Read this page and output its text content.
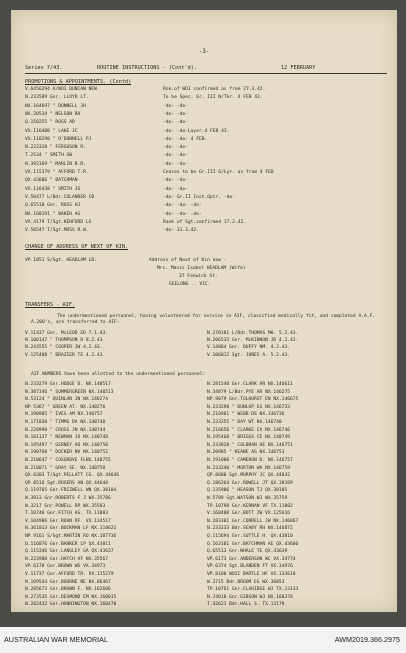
-3-
Series 7/43.	ROUTINE INSTRUCTIONS - (Cont'd).	12 FEBRUARY
PROMOTIONS & APPOINTMENTS. (Contd)
V.6456294 A/WOI DUNCAN NEW	Rnk.of WOI confirmed as from 27.3.42.
N.233589 Gnr. LLOYD LT.	To be Spec. Gr. III N/Tkr. 4 FEB 43.
NX.164697 " DONNELL JH	-do- -do-
NX.20534 " NELSON RA	-do- -do-
Q.150255 " ROSS AD	-do- -do-
VX.116408 " LAKE JC	-do- -do-Layer.4 FEB 43.
VX.118290 " O'DONNELL PJ	-do- -do- 4 FEB.
N.222328 " FERGUSON R.	-do- -do-
T.2534 " SMITH GW	-do- -do-
N.392169 " MARLIN B.D.	-do- -do-
VX.115379 " AFFORD T.R.	Ceases to be Gr.III G/Lyr. as from 4 FEB
QX.43606 " BATCHMAN	-do- -do-
VX.116438 " SMITH JG	-do- -do-
V.50477 L/Bdr.COLANDER CB	-do- Gr.II Inst.Optr. -do-
Q.65518 Gnr. ROSS HJ	-do- -do- -do-
NX.160191 " BAKER AG	-do- -do- -do-
VX.4179 T/Sgt.KERFORD LG	Rank of Sgt.confirmed 17.2.42.
V.50547 T/Sgt.MOSS R.W.	-do- 31.3.42.
CHANGE OF ADDRESS OF NEXT OF KIN.
VP.1851 S/Sgt. HEADLAM LR.	Address of Next of Kin now -
Mrs. Mavis Isabel HEADLAM (Wife)
37 Fenwick St.
GEELONG .. VIC.
TRANSFERS - AIF.

The undermentioned personnel, having volunteered for service in AIF, classified medically fit, and completed A.A.F. A.200's, are transferred to AIF:

V.11437 Gnr. McLEOD ED 7.1.43.	N.270101 L/Bdr.THOMAS MH. 5.2.43.
N.100147 " THOMPSON R 8.2.43.	N.206533 Gnr. McKINNON JD 4.2.43.
N.243555 " COOPER JW 4.2.43.	V.14064 Gnr. DUFFY NM. 4.2.43.
V.125408 " BRAZIER TE 4.2.43.	V.106012 Sgt. JONES A. 5.2.43.
AIF NUMBERS have been allotted to the undermentioned personnel:
N.233279 Gnr.HODGE D. NX.140517	N.281540 Gnr.CLARK AR NX.146611
N.387346 " SUMMERGREEN NX.140513	N.34879 L/Bdr.PYE AR NX.146275
N.53124 " QUINLAN JN NX.140274	NP.9079 Gnr.TOLHURST EN NX.146675
NP.5367 " GREEN AT. NX.140276	N.233298 " DUNLOP EG NX.146733
N.190905 " IVES AM NX.140757	N.210981 " WEBB DS NX.146736
N.171030 " TIMMS DA NX.140740	N.233255 " DAY WT NX.146740
N.228990 " CROSS JN NX.140744	N.210656 " CLARKE CA NX.146746
N.101137 " NEWMAN JO NX.140748	N.195468 " BRIGGS CE NX.140749
N.195497 " GERNEY AO NX.140750	N.233020 " COLBRAN HE NX.146751
N.190768 " DOCKER NV NX.140752	N.20985 " KEANE AG NX.146753
N.210647 " COSGROVE FLNX.140755	N.191000 " CAMERON D. NX.146757
N.210871 " GRAY SE. NX.140758	N.233240 " MORTON WA NX.146759
QX.8303 T/Sgt.PELLATT CG. QX.44646	QP.8680 Sgt.MURPHY JC QX.44642
QP.8516 Sgt.ROGERS AN QX.44648	Q.186364 Gnr.ROWELL JT QX.38109
Q.119765 Gnr.FRIZWELL WN QX.38104	Q.135906 " HEASON TJ QX.38105
W.3813 Gnr.ROBERTS F J WX.35786	W.5709 Sgt.WATSON WJ WX.35759
W.3217 Gnr.POWELL RP WX.35583	TP.10798 Gnr.KERNAN VF TX.11002
T.10740 Gnr.FITCH AS. TX.11003	V.168400 Gnr.BOTT IW VX.125616
V.104906 Gnr.ROAN RF. VX.134517	N.283301 Gnr.CORRELL JW NX.146867
N.361013 Gnr.BOCKMAN LF NX.118621	N.233233 Bdr.SEABY RH NX.146872
NP.9161 S/Sgt.MARTIN RO NX.107736	Q.115694 Gnr.SUTTLE H. QX.43810
Q.116076 Gnr.BARKER LP QX.43811	Q.163101 Gnr.BATCHMAN AE QX.43606
Q.115346 Gnr.LANGLEY GA QX.43637	Q.65513 Gnr.WHALE TE QX.43639
N.223988 Gnr.HATCH VF NX.35567	VP.6173 Gnr.ANDERSON WC VX.34774
VP.6178 Gnr.BROWN WG VX.34973	VP.6374 Sgt.BLANDEN FT VX.34976
V.11737 Gnr.AFFORD TR. VX.115279	VP.8100 WOII BARTLE HF VX.133618
N.109544 Gnr.BOURNE NE NX.86467	W.3715 Bdr.BROOM EG WX.36853
N.285673 Gnr.BROWN F. NX.162606	TP.10761 Gnr.CLARIDGE WJ TX.13133
N.273535 Gnr.DESMOND EM NX.160015	N.74018 Gnr.GIBSON WJ NX.160378
N.282432 Gnr.HANNINGTON NX.160470	T.42621 Bdr.HALL S. TX.13179
AUSTRALIAN WAR MEMORIAL	AWM2019.366.2975
